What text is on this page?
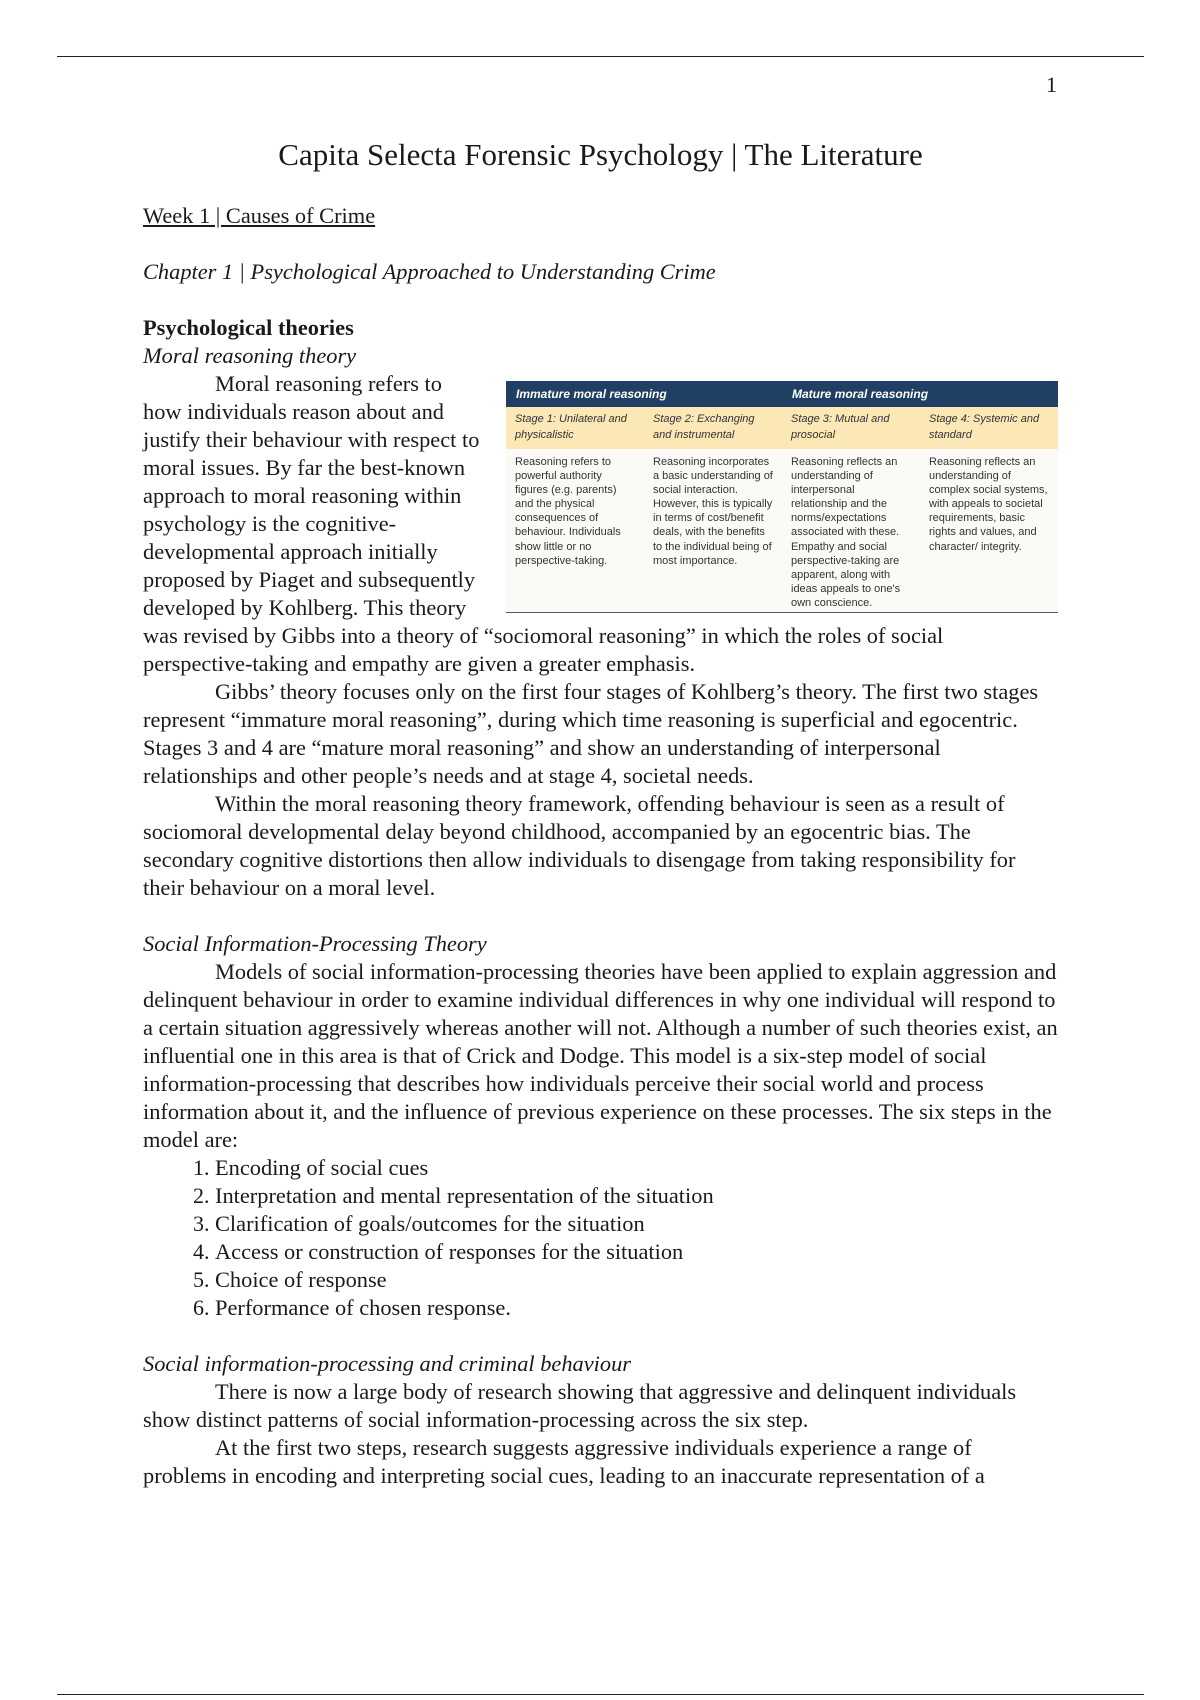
1
Capita Selecta Forensic Psychology | The Literature
Week 1 | Causes of Crime
Chapter 1 | Psychological Approached to Understanding Crime
Psychological theories
Moral reasoning theory
Immature moral reasoning	Mature moral reasoning
Stage 1: Unilateral and physicalistic
Stage 2: Exchanging and instrumental
Stage 3: Mutual and prosocial
Stage 4: Systemic and standard
Reasoning refers to powerful authority figures (e.g. parents) and the physical consequences of behaviour. Individuals show little or no perspective-taking.
Reasoning incorporates a basic understanding of social interaction. However, this is typically in terms of cost/benefit deals, with the benefits to the individual being of most importance.
Reasoning reflects an understanding of interpersonal relationship and the norms/expectations associated with these. Empathy and social perspective-taking are apparent, along with ideas appeals to one's own conscience.
Reasoning reflects an understanding of complex social systems, with appeals to societal requirements, basic rights and values, and character/ integrity.

Moral reasoning refers to how individuals reason about and justify their behaviour with respect to moral issues. By far the best-known approach to moral reasoning within psychology is the cognitive-developmental approach initially proposed by Piaget and subsequently developed by Kohlberg. This theory was revised by Gibbs into a theory of “sociomoral reasoning” in which the roles of social perspective-taking and empathy are given a greater emphasis.

Gibbs’ theory focuses only on the first four stages of Kohlberg’s theory. The first two stages represent “immature moral reasoning”, during which time reasoning is superficial and egocentric. Stages 3 and 4 are “mature moral reasoning” and show an understanding of interpersonal relationships and other people’s needs and at stage 4, societal needs.

Within the moral reasoning theory framework, offending behaviour is seen as a result of sociomoral developmental delay beyond childhood, accompanied by an egocentric bias. The secondary cognitive distortions then allow individuals to disengage from taking responsibility for their behaviour on a moral level.

Social Information-Processing Theory

Models of social information-processing theories have been applied to explain aggression and delinquent behaviour in order to examine individual differences in why one individual will respond to a certain situation aggressively whereas another will not. Although a number of such theories exist, an influential one in this area is that of Crick and Dodge. This model is a six-step model of social information-processing that describes how individuals perceive their social world and process information about it, and the influence of previous experience on these processes. The six steps in the model are:

1. Encoding of social cues
2. Interpretation and mental representation of the situation
3. Clarification of goals/outcomes for the situation
4. Access or construction of responses for the situation
5. Choice of response
6. Performance of chosen response.
Social information-processing and criminal behaviour

There is now a large body of research showing that aggressive and delinquent individuals show distinct patterns of social information-processing across the six step.

At the first two steps, research suggests aggressive individuals experience a range of problems in encoding and interpreting social cues, leading to an inaccurate representation of a
